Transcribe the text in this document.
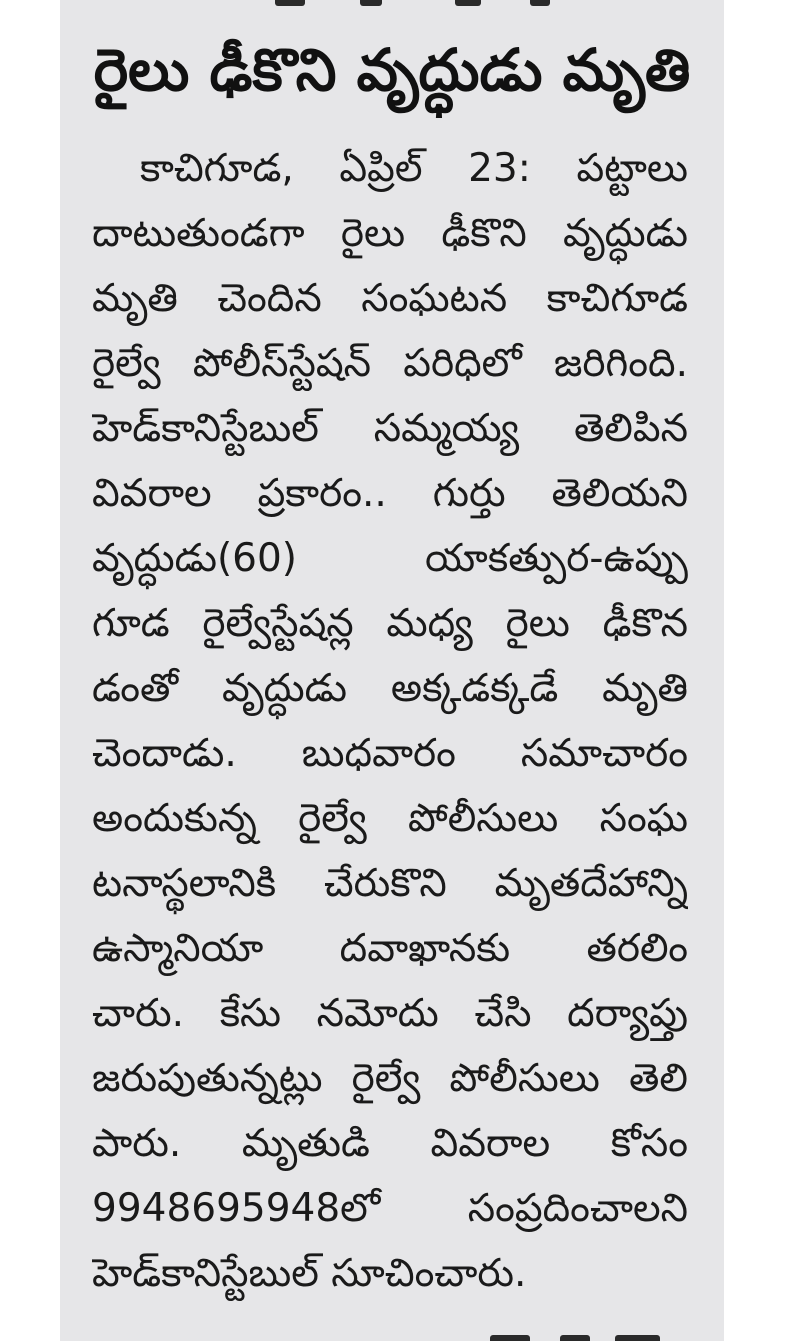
రైలు ఢీకొని వృద్ధుడు మృతి
కాచిగూడ, ఏప్రిల్ 23: పట్టాలు
దాటుతుండగా రైలు ఢీకొని వృద్ధుడు
మృతి చెందిన సంఘటన కాచిగూడ
రైల్వే పోలీస్‌స్టేషన్ పరిధిలో జరిగింది.
హెడ్‌కానిస్టేబుల్ సమ్మయ్య తెలిపిన
వివరాల ప్రకారం.. గుర్తు తెలియని
వృద్ధుడు(60) యాకత్పుర-ఉప్పు
గూడ రైల్వేస్టేషన్ల మధ్య రైలు ఢీకొన
డంతో వృద్ధుడు అక్కడక్కడే మృతి
చెందాడు. బుధవారం సమాచారం
అందుకున్న రైల్వే పోలీసులు సంఘ
టనాస్థలానికి చేరుకొని మృతదేహాన్ని
ఉస్మానియా దవాఖానకు తరలిం
చారు. కేసు నమోదు చేసి దర్యాప్తు
జరుపుతున్నట్లు రైల్వే పోలీసులు తెలి
పారు. మృతుడి వివరాల కోసం
9948695948లో సంప్రదించాలని
హెడ్‌కానిస్టేబుల్ సూచించారు.
